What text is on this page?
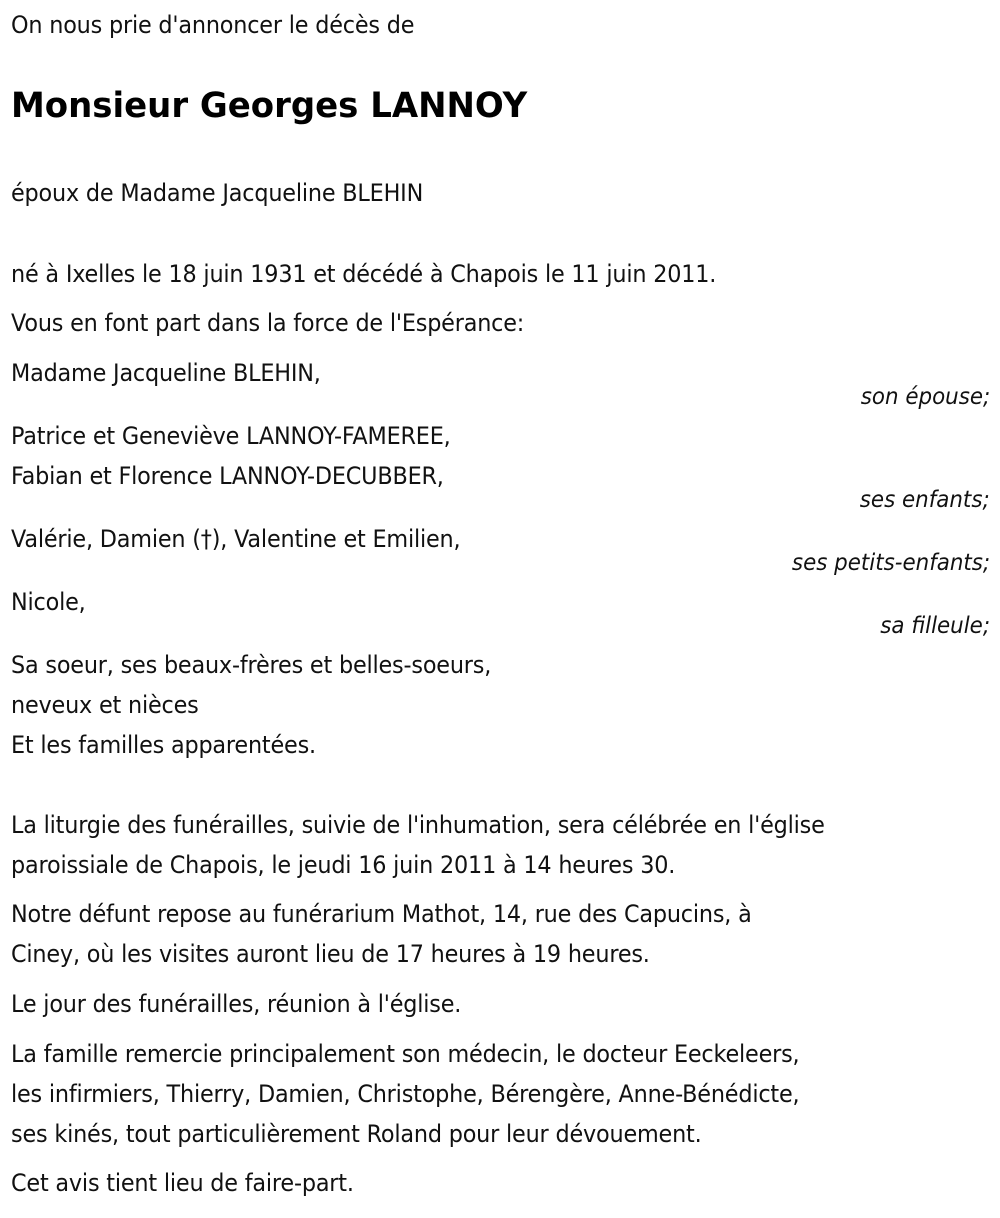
On nous prie d'annoncer le décès de
Monsieur Georges LANNOY
époux de Madame Jacqueline BLEHIN
né à Ixelles le 18 juin 1931 et décédé à Chapois le 11 juin 2011.
Vous en font part dans la force de l'Espérance:
Madame Jacqueline BLEHIN,
son épouse;
Patrice et Geneviève LANNOY-FAMEREE,
Fabian et Florence LANNOY-DECUBBER,
ses enfants;
Valérie, Damien (†), Valentine et Emilien,
ses petits-enfants;
Nicole,
sa filleule;
Sa soeur, ses beaux-frères et belles-soeurs,
neveux et nièces
Et les familles apparentées.
La liturgie des funérailles, suivie de l'inhumation, sera célébrée en l'église
paroissiale de Chapois, le jeudi 16 juin 2011 à 14 heures 30.
Notre défunt repose au funérarium Mathot, 14, rue des Capucins, à
Ciney, où les visites auront lieu de 17 heures à 19 heures.
Le jour des funérailles, réunion à l'église.
La famille remercie principalement son médecin, le docteur Eeckeleers,
les infirmiers, Thierry, Damien, Christophe, Bérengère, Anne-Bénédicte,
ses kinés, tout particulièrement Roland pour leur dévouement.
Cet avis tient lieu de faire-part.
